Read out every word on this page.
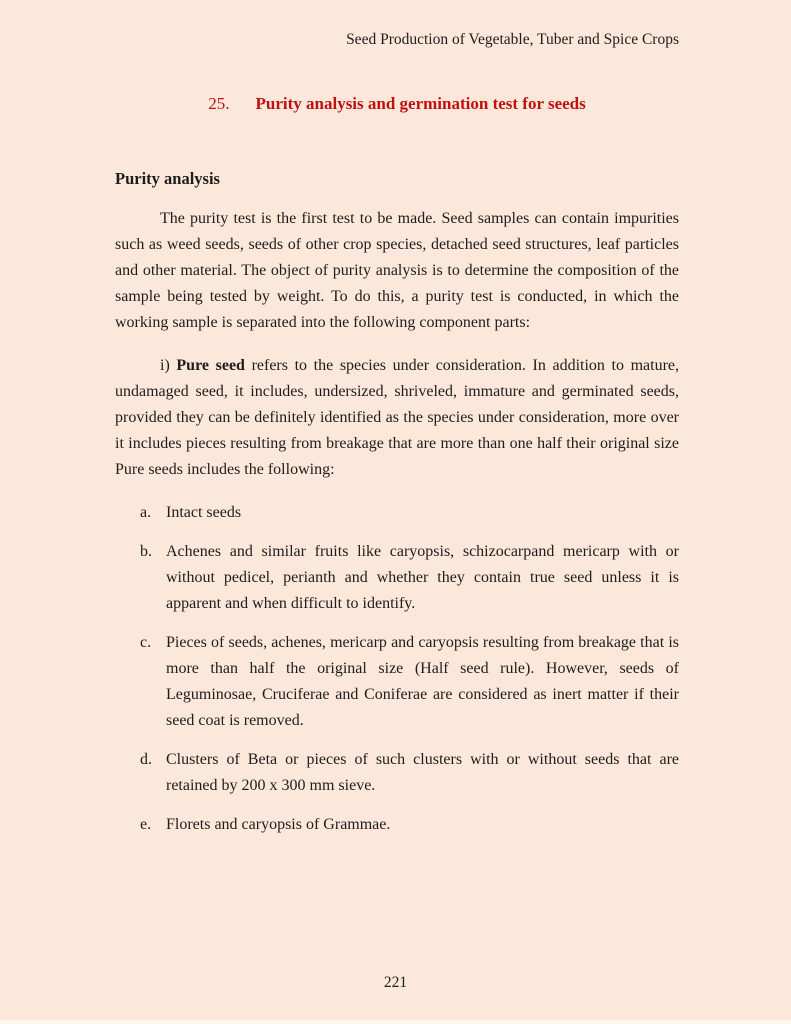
Seed Production of Vegetable, Tuber and Spice Crops
25. Purity analysis and germination test for seeds
Purity analysis

The purity test is the first test to be made. Seed samples can contain impurities such as weed seeds, seeds of other crop species, detached seed structures, leaf particles and other material. The object of purity analysis is to determine the composition of the sample being tested by weight. To do this, a purity test is conducted, in which the working sample is separated into the following component parts:

i) Pure seed refers to the species under consideration. In addition to mature, undamaged seed, it includes, undersized, shriveled, immature and germinated seeds, provided they can be definitely identified as the species under consideration, more over it includes pieces resulting from breakage that are more than one half their original size Pure seeds includes the following:

a. Intact seeds
b. Achenes and similar fruits like caryopsis, schizocarpand mericarp with or without pedicel, perianth and whether they contain true seed unless it is apparent and when difficult to identify.
c. Pieces of seeds, achenes, mericarp and caryopsis resulting from breakage that is more than half the original size (Half seed rule). However, seeds of Leguminosae, Cruciferae and Coniferae are considered as inert matter if their seed coat is removed.
d. Clusters of Beta or pieces of such clusters with or without seeds that are retained by 200 x 300 mm sieve.
e. Florets and caryopsis of Grammae.
221
